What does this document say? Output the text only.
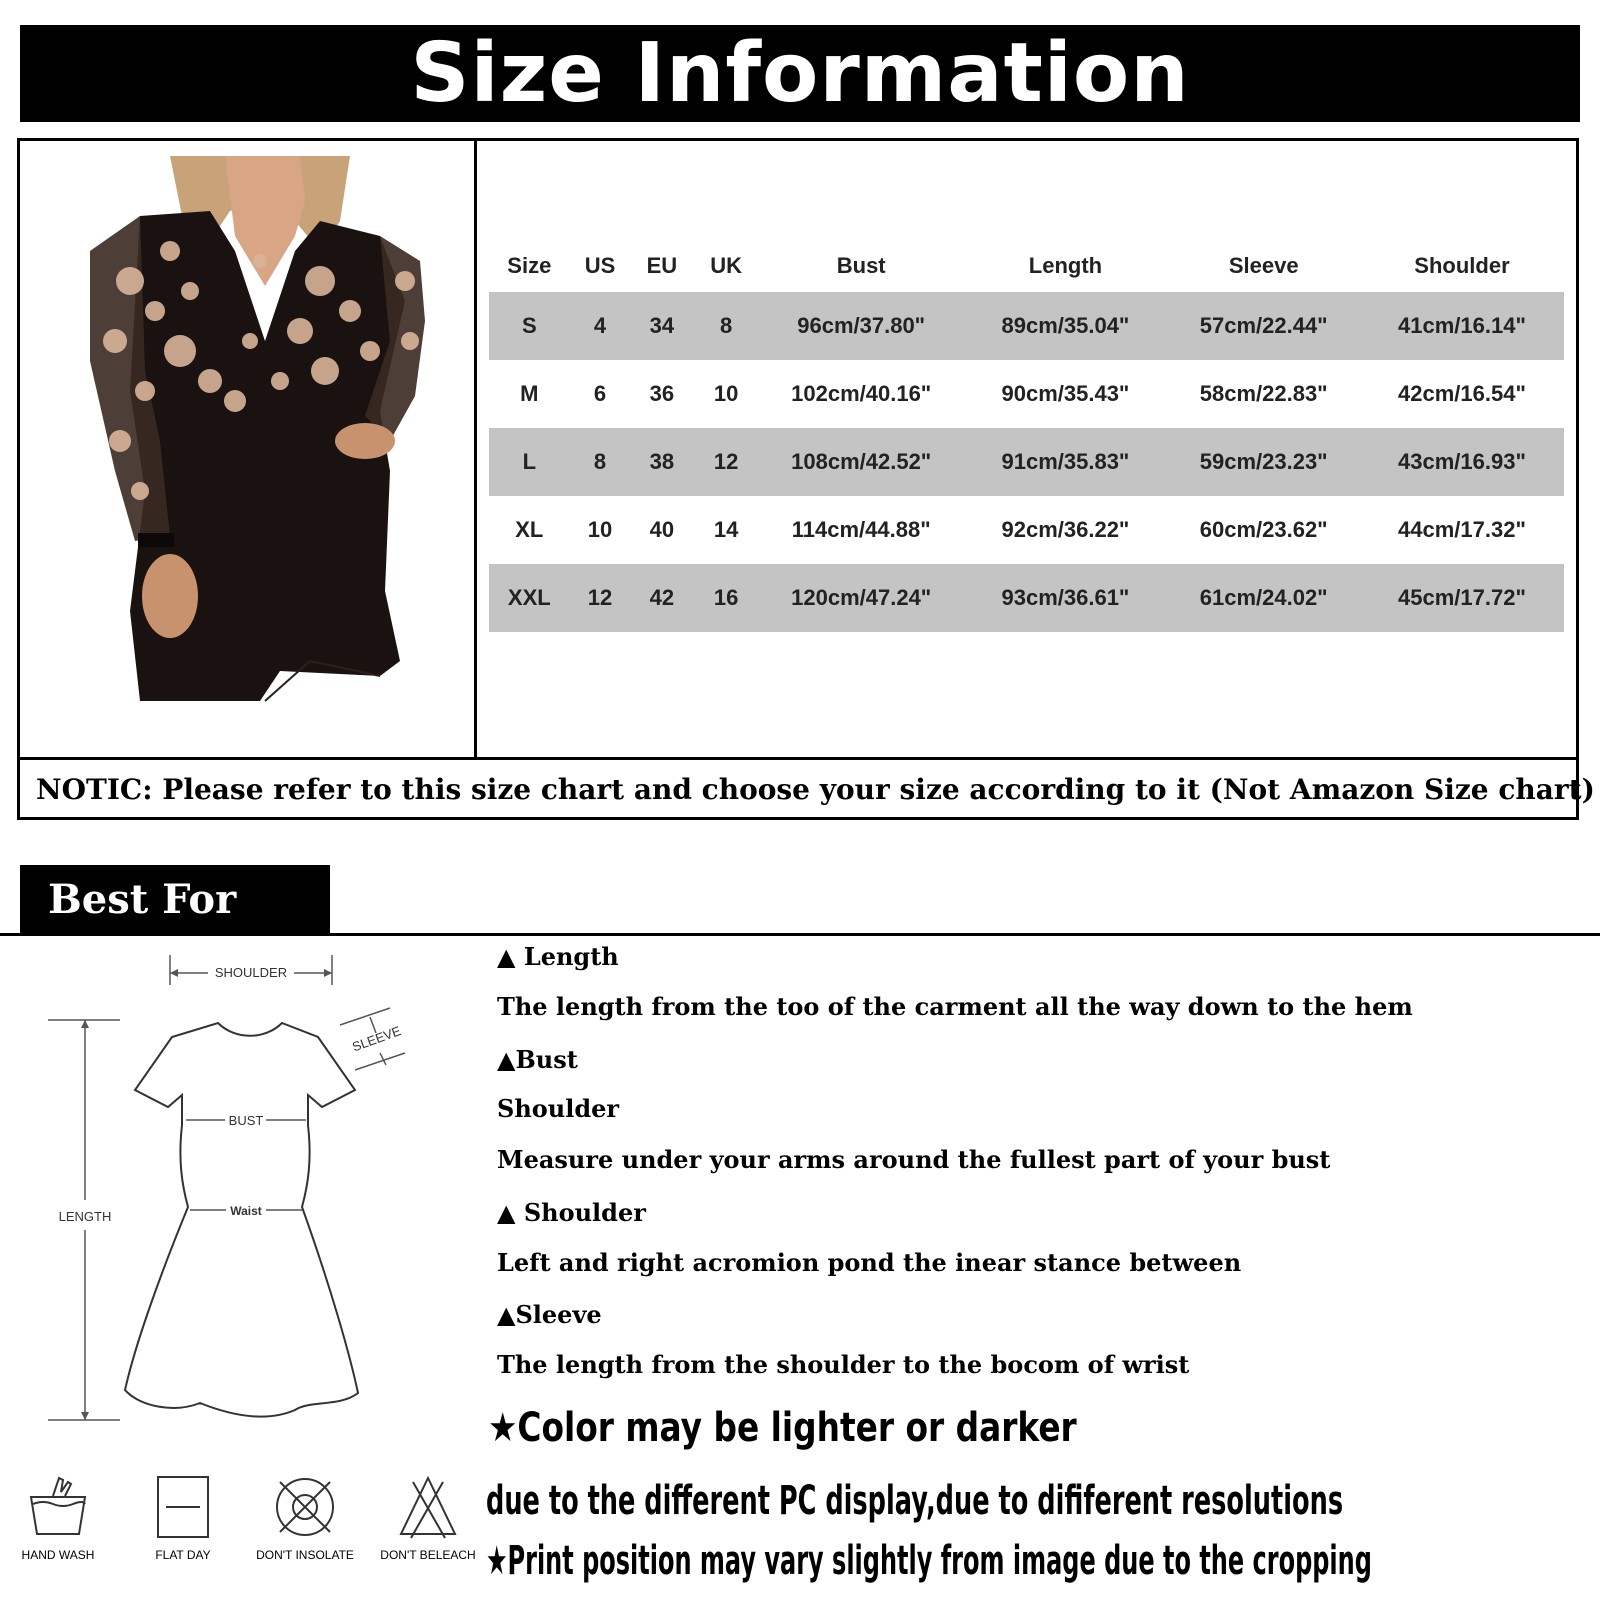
Size Information
NOTIC: Please refer to this size chart and choose your size according to it (Not Amazon Size chart)
Size	US	EU	UK	Bust	Length	Sleeve	Shoulder
S	4	34	8	96cm/37.80"	89cm/35.04"	57cm/22.44"	41cm/16.14"
M	6	36	10	102cm/40.16"	90cm/35.43"	58cm/22.83"	42cm/16.54"
L	8	38	12	108cm/42.52"	91cm/35.83"	59cm/23.23"	43cm/16.93"
XL	10	40	14	114cm/44.88"	92cm/36.22"	60cm/23.62"	44cm/17.32"
XXL	12	42	16	120cm/47.24"	93cm/36.61"	61cm/24.02"	45cm/17.72"
Best For You	SHOULDER
SLEEVE
BUST
Waist
LENGTH
HAND WASH	FLAT DAY	DON'T INSOLATE	DON'T BELEACH
▲ Length
The length from the too of the carment all the way down to the hem
▲Bust
Shoulder
Measure under your arms around the fullest part of your bust
▲ Shoulder
Left and right acromion pond the inear stance between
▲Sleeve
The length from the shoulder to the bocom of wrist
★Color may be lighter or darker
due to the different PC display,due to dififerent resolutions
★Print position may vary slightly from image due to the cropping
